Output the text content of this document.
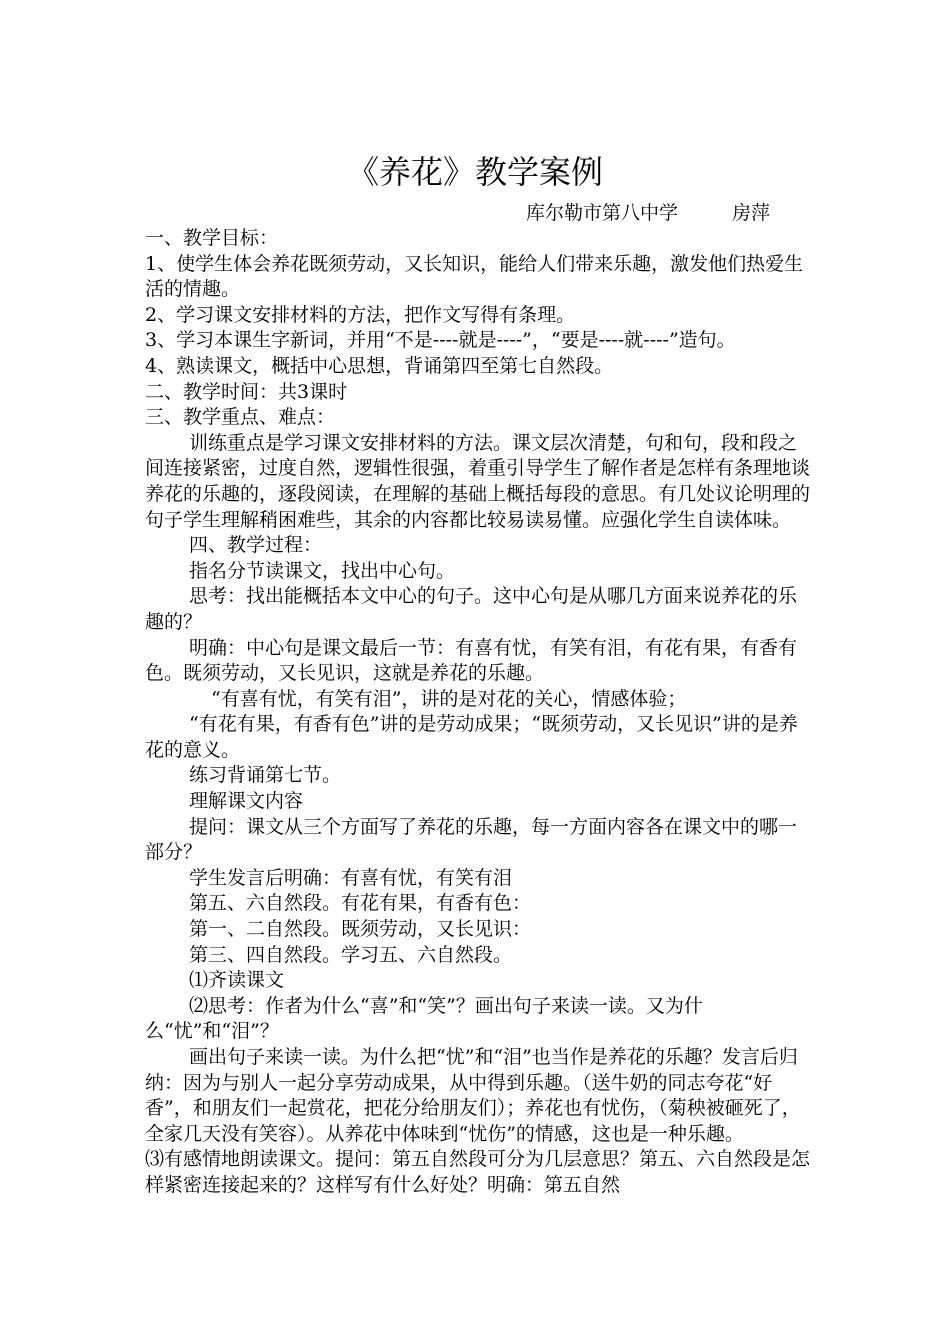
《养花》教学案例
库尔勒市第八中学	房萍

一、教学目标：

1、使学生体会养花既须劳动，又长知识，能给人们带来乐趣，激发他们热爱生活的情趣。

2、学习课文安排材料的方法，把作文写得有条理。

3、学习本课生字新词，并用“不是----就是----”，“要是----就----”造句。

4、熟读课文，概括中心思想，背诵第四至第七自然段。

二、教学时间：共3课时

三、教学重点、难点：

训练重点是学习课文安排材料的方法。课文层次清楚，句和句，段和段之间连接紧密，过度自然，逻辑性很强，着重引导学生了解作者是怎样有条理地谈养花的乐趣的，逐段阅读，在理解的基础上概括每段的意思。有几处议论明理的句子学生理解稍困难些，其余的内容都比较易读易懂。应强化学生自读体味。

四、教学过程：

指名分节读课文，找出中心句。

思考：找出能概括本文中心的句子。这中心句是从哪几方面来说养花的乐趣的？

明确：中心句是课文最后一节：有喜有忧，有笑有泪，有花有果，有香有色。既须劳动，又长见识，这就是养花的乐趣。

“有喜有忧，有笑有泪”，讲的是对花的关心，情感体验；

“有花有果，有香有色”讲的是劳动成果；“既须劳动，又长见识”讲的是养花的意义。

练习背诵第七节。

理解课文内容

提问：课文从三个方面写了养花的乐趣，每一方面内容各在课文中的哪一部分？

学生发言后明确：有喜有忧，有笑有泪

第五、六自然段。有花有果，有香有色：

第一、二自然段。既须劳动，又长见识：

第三、四自然段。学习五、六自然段。

⑴齐读课文

⑵思考：作者为什么“喜”和“笑”？画出句子来读一读。又为什么“忧”和“泪”？

画出句子来读一读。为什么把“忧”和“泪”也当作是养花的乐趣？发言后归纳：因为与别人一起分享劳动成果，从中得到乐趣。（送牛奶的同志夸花“好香”，和朋友们一起赏花，把花分给朋友们）；养花也有忧伤，（菊秧被砸死了，全家几天没有笑容）。从养花中体味到“忧伤”的情感，这也是一种乐趣。

⑶有感情地朗读课文。提问：第五自然段可分为几层意思？第五、六自然段是怎样紧密连接起来的？这样写有什么好处？明确：第五自然
